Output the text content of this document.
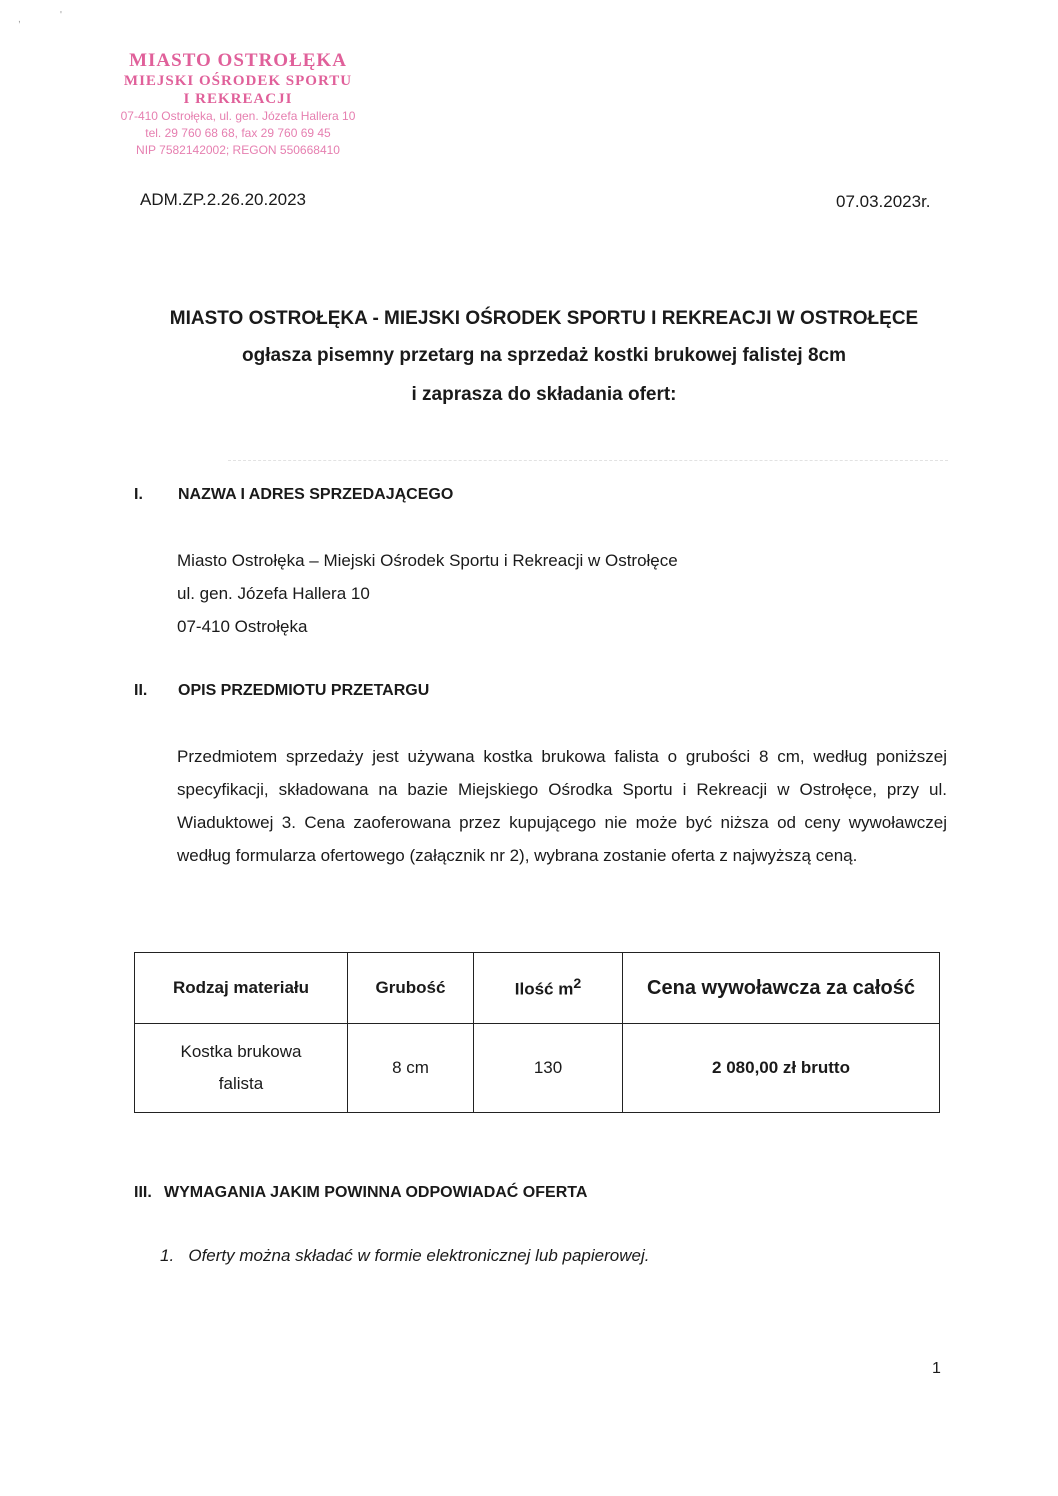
,	'
MIASTO OSTROŁĘKA
MIEJSKI OŚRODEK SPORTU
I REKREACJI
07-410 Ostrołęka, ul. gen. Józefa Hallera 10
tel. 29 760 68 68, fax 29 760 69 45
NIP 7582142002; REGON 550668410
ADM.ZP.2.26.20.2023	07.03.2023r.
MIASTO OSTROŁĘKA - MIEJSKI OŚRODEK SPORTU I REKREACJI W OSTROŁĘCE
ogłasza pisemny przetarg na sprzedaż kostki brukowej falistej 8cm
i zaprasza do składania ofert:
I. NAZWA I ADRES SPRZEDAJĄCEGO
Miasto Ostrołęka – Miejski Ośrodek Sportu i Rekreacji w Ostrołęce
ul. gen. Józefa Hallera 10
07-410 Ostrołęka
II. OPIS PRZEDMIOTU PRZETARGU
Przedmiotem sprzedaży jest używana kostka brukowa falista o grubości 8 cm, według poniższej specyfikacji, składowana na bazie Miejskiego Ośrodka Sportu i Rekreacji w Ostrołęce, przy ul. Wiaduktowej 3. Cena zaoferowana przez kupującego nie może być niższa od ceny wywoławczej według formularza ofertowego (załącznik nr 2), wybrana zostanie oferta z najwyższą ceną.
Rodzaj materiału	Grubość	Ilość $m^2$	Cena wywoławcza za całość
Kostka brukowa
falista	8 cm	130	2 080,00 zł brutto
III. WYMAGANIA JAKIM POWINNA ODPOWIADAĆ OFERTA
1. Oferty można składać w formie elektronicznej lub papierowej.
1
